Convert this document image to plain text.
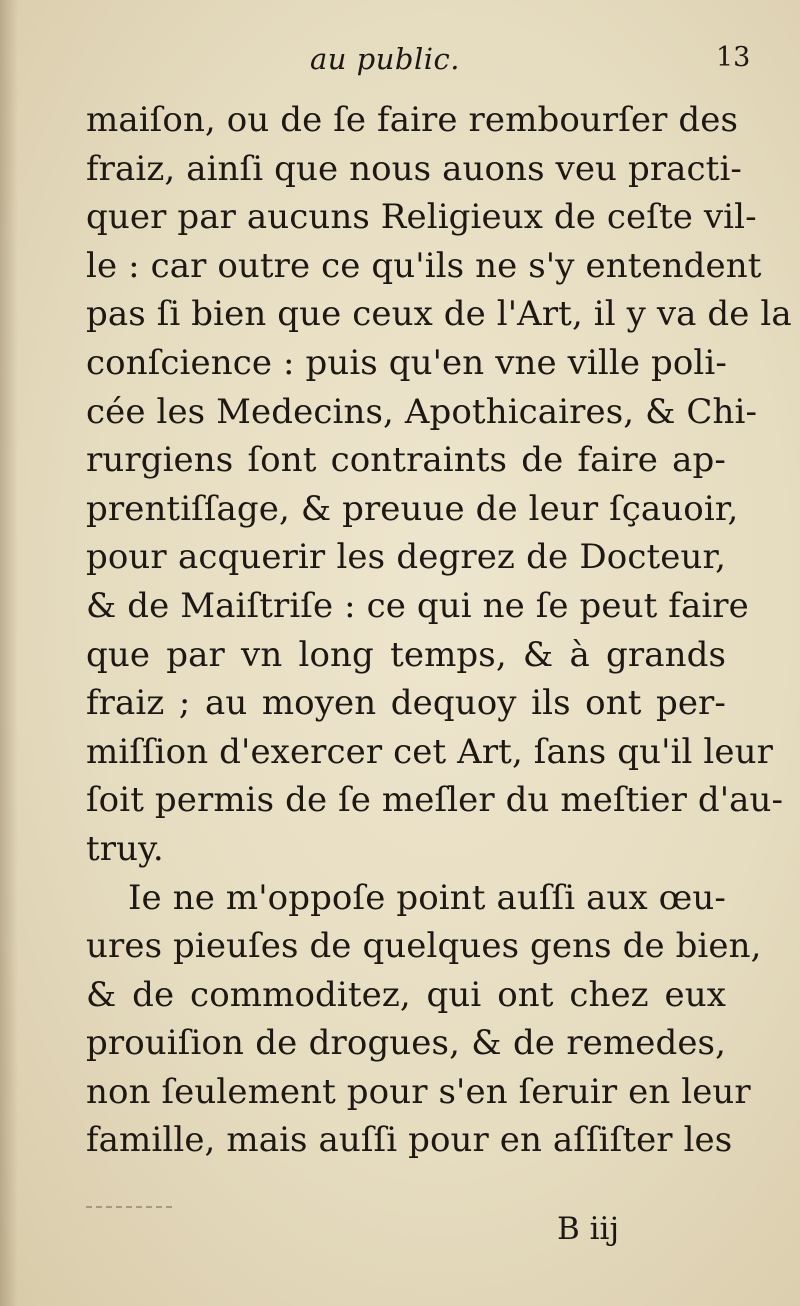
au public.	13
maiſon, ou de ſe faire rembourſer des
fraiz, ainſi que nous auons veu practi-
quer par aucuns Religieux de ceſte vil-
le : car outre ce qu'ils ne s'y entendent
pas ſi bien que ceux de l'Art, il y va de la
conſcience : puis qu'en vne ville poli-
cée les Medecins, Apothicaires, & Chi-
rurgiens ſont contraints de faire ap-
prentiſſage, & preuue de leur ſçauoir,
pour acquerir les degrez de Docteur,
& de Maiſtriſe : ce qui ne ſe peut faire
que par vn long temps, & à grands
fraiz ; au moyen dequoy ils ont per-
miſſion d'exercer cet Art, ſans qu'il leur
ſoit permis de ſe meſler du meſtier d'au-
truy.
Ie ne m'oppoſe point auſſi aux œu-
ures pieuſes de quelques gens de bien,
& de commoditez, qui ont chez eux
prouiſion de drogues, & de remedes,
non ſeulement pour s'en ſeruir en leur
famille, mais auſſi pour en aſſiſter les
B iij
